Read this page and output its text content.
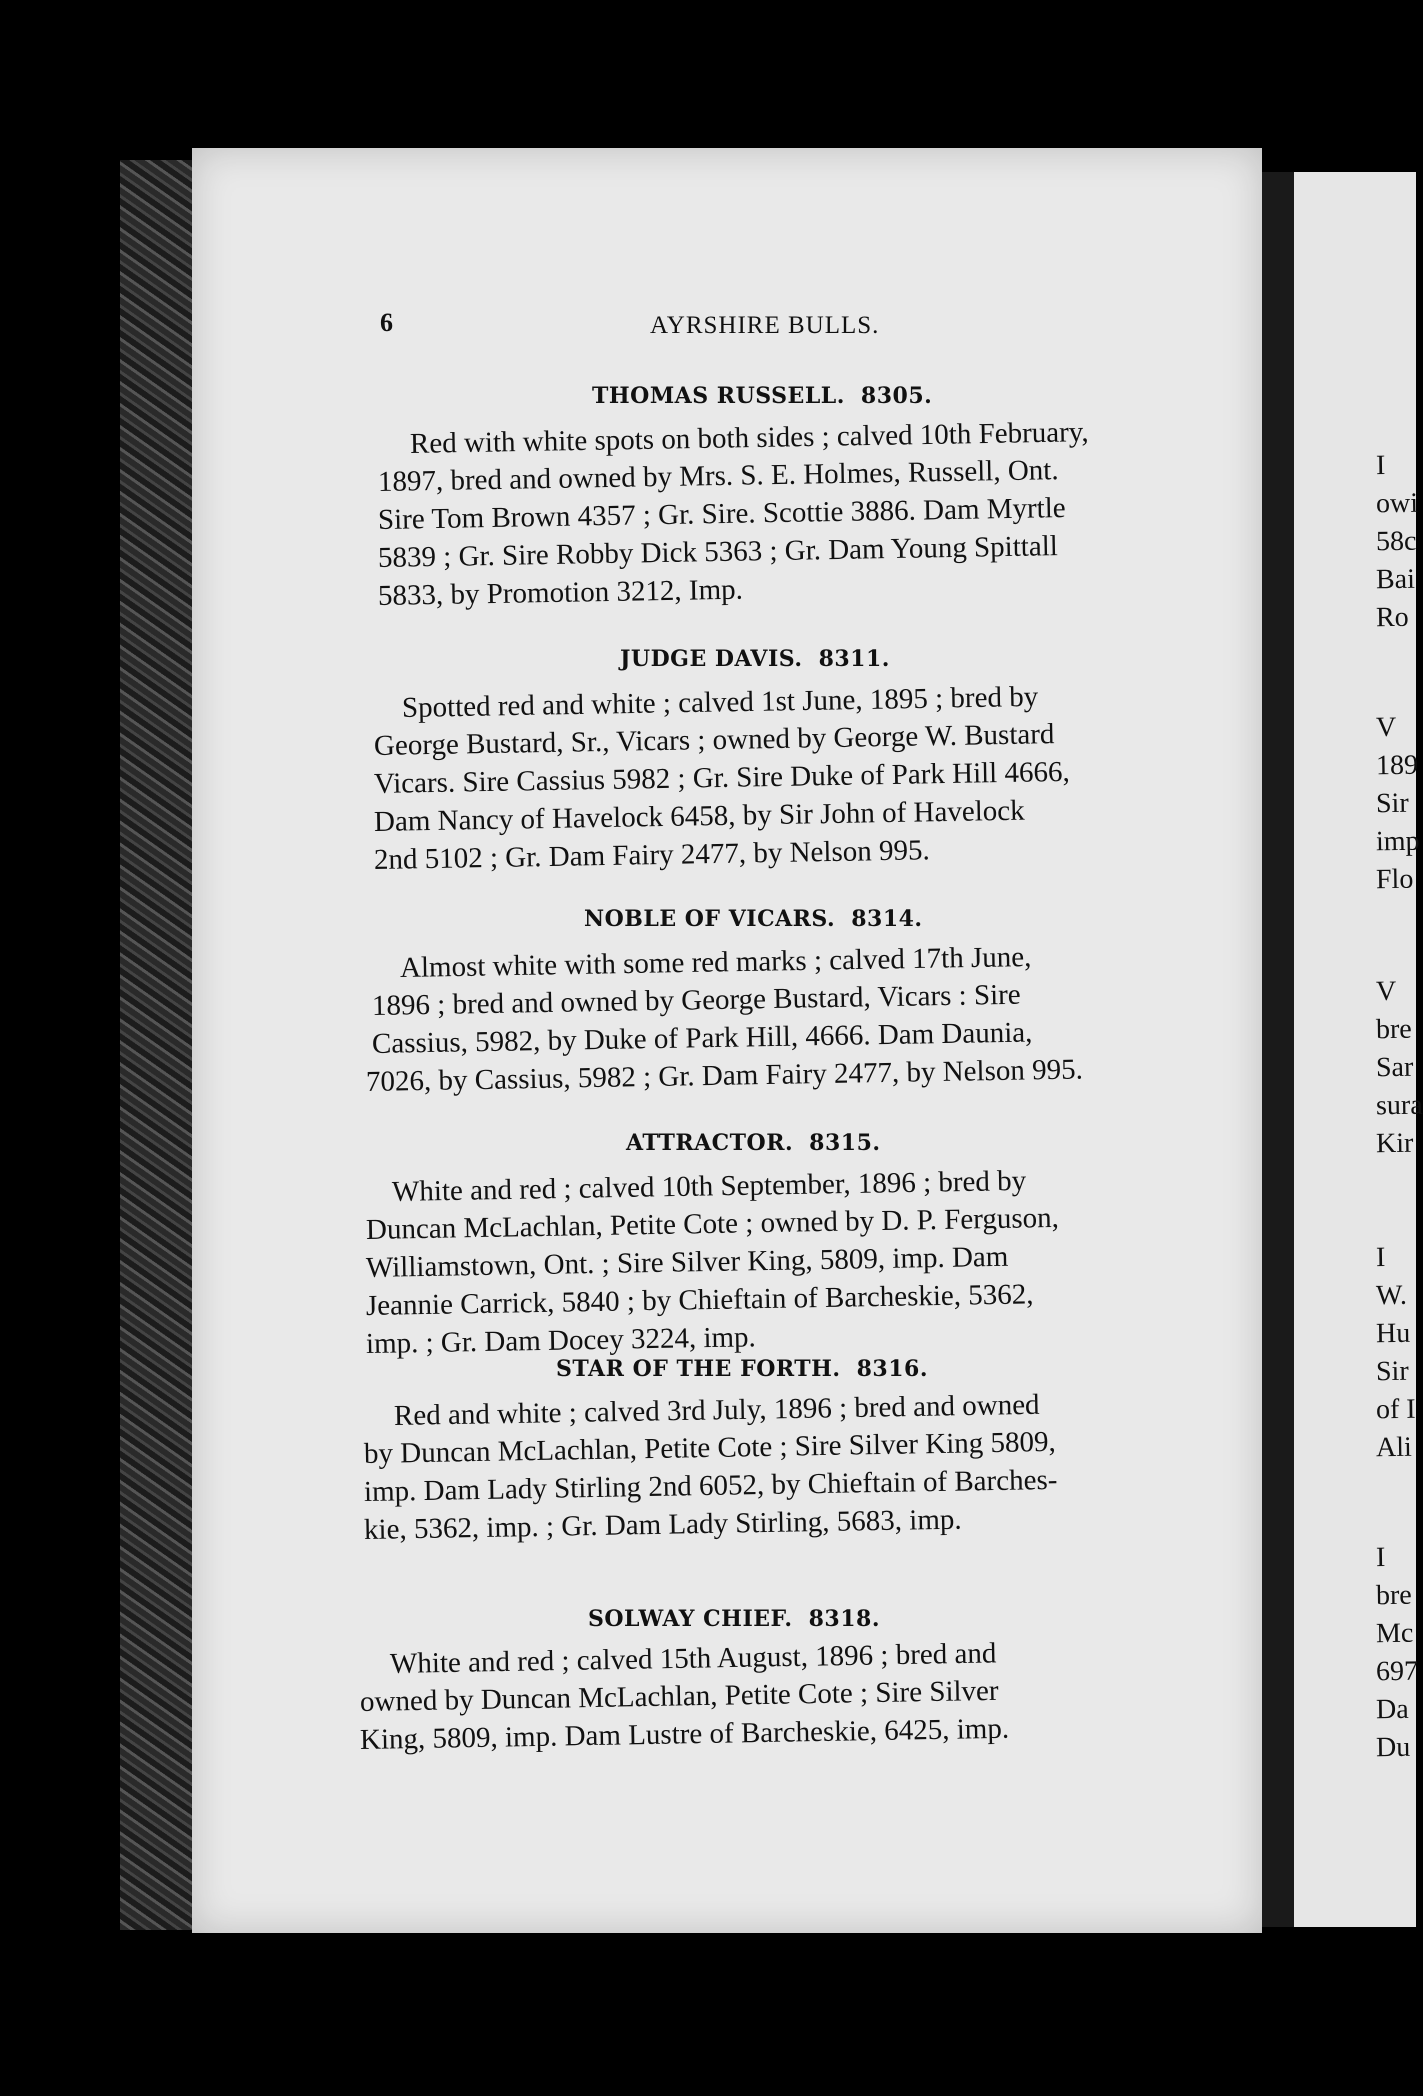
I
owi
58c
Bai
Ro
V
189
Sir
imp
Flo
V
bre
Sar
sura
Kir
I
W.
Hu
Sir
of I
Ali
I
bre
Mc
697
Da
Du
6	AYRSHIRE BULLS.
THOMAS RUSSELL. 8305.
Red with white spots on both sides ; calved 10th February,
1897, bred and owned by Mrs. S. E. Holmes, Russell, Ont.
Sire Tom Brown 4357 ; Gr. Sire. Scottie 3886. Dam Myrtle
5839 ; Gr. Sire Robby Dick 5363 ; Gr. Dam Young Spittall
5833, by Promotion 3212, Imp.
JUDGE DAVIS. 8311.
Spotted red and white ; calved 1st June, 1895 ; bred by
George Bustard, Sr., Vicars ; owned by George W. Bustard
Vicars. Sire Cassius 5982 ; Gr. Sire Duke of Park Hill 4666,
Dam Nancy of Havelock 6458, by Sir John of Havelock
2nd 5102 ; Gr. Dam Fairy 2477, by Nelson 995.
NOBLE OF VICARS. 8314.
Almost white with some red marks ; calved 17th June,
1896 ; bred and owned by George Bustard, Vicars : Sire
Cassius, 5982, by Duke of Park Hill, 4666. Dam Daunia,
7026, by Cassius, 5982 ; Gr. Dam Fairy 2477, by Nelson 995.
ATTRACTOR. 8315.
White and red ; calved 10th September, 1896 ; bred by
Duncan McLachlan, Petite Cote ; owned by D. P. Ferguson,
Williamstown, Ont. ; Sire Silver King, 5809, imp. Dam
Jeannie Carrick, 5840 ; by Chieftain of Barcheskie, 5362,
imp. ; Gr. Dam Docey 3224, imp.
STAR OF THE FORTH. 8316.
Red and white ; calved 3rd July, 1896 ; bred and owned
by Duncan McLachlan, Petite Cote ; Sire Silver King 5809,
imp. Dam Lady Stirling 2nd 6052, by Chieftain of Barches-
kie, 5362, imp. ; Gr. Dam Lady Stirling, 5683, imp.
SOLWAY CHIEF. 8318.
White and red ; calved 15th August, 1896 ; bred and
owned by Duncan McLachlan, Petite Cote ; Sire Silver
King, 5809, imp. Dam Lustre of Barcheskie, 6425, imp.
